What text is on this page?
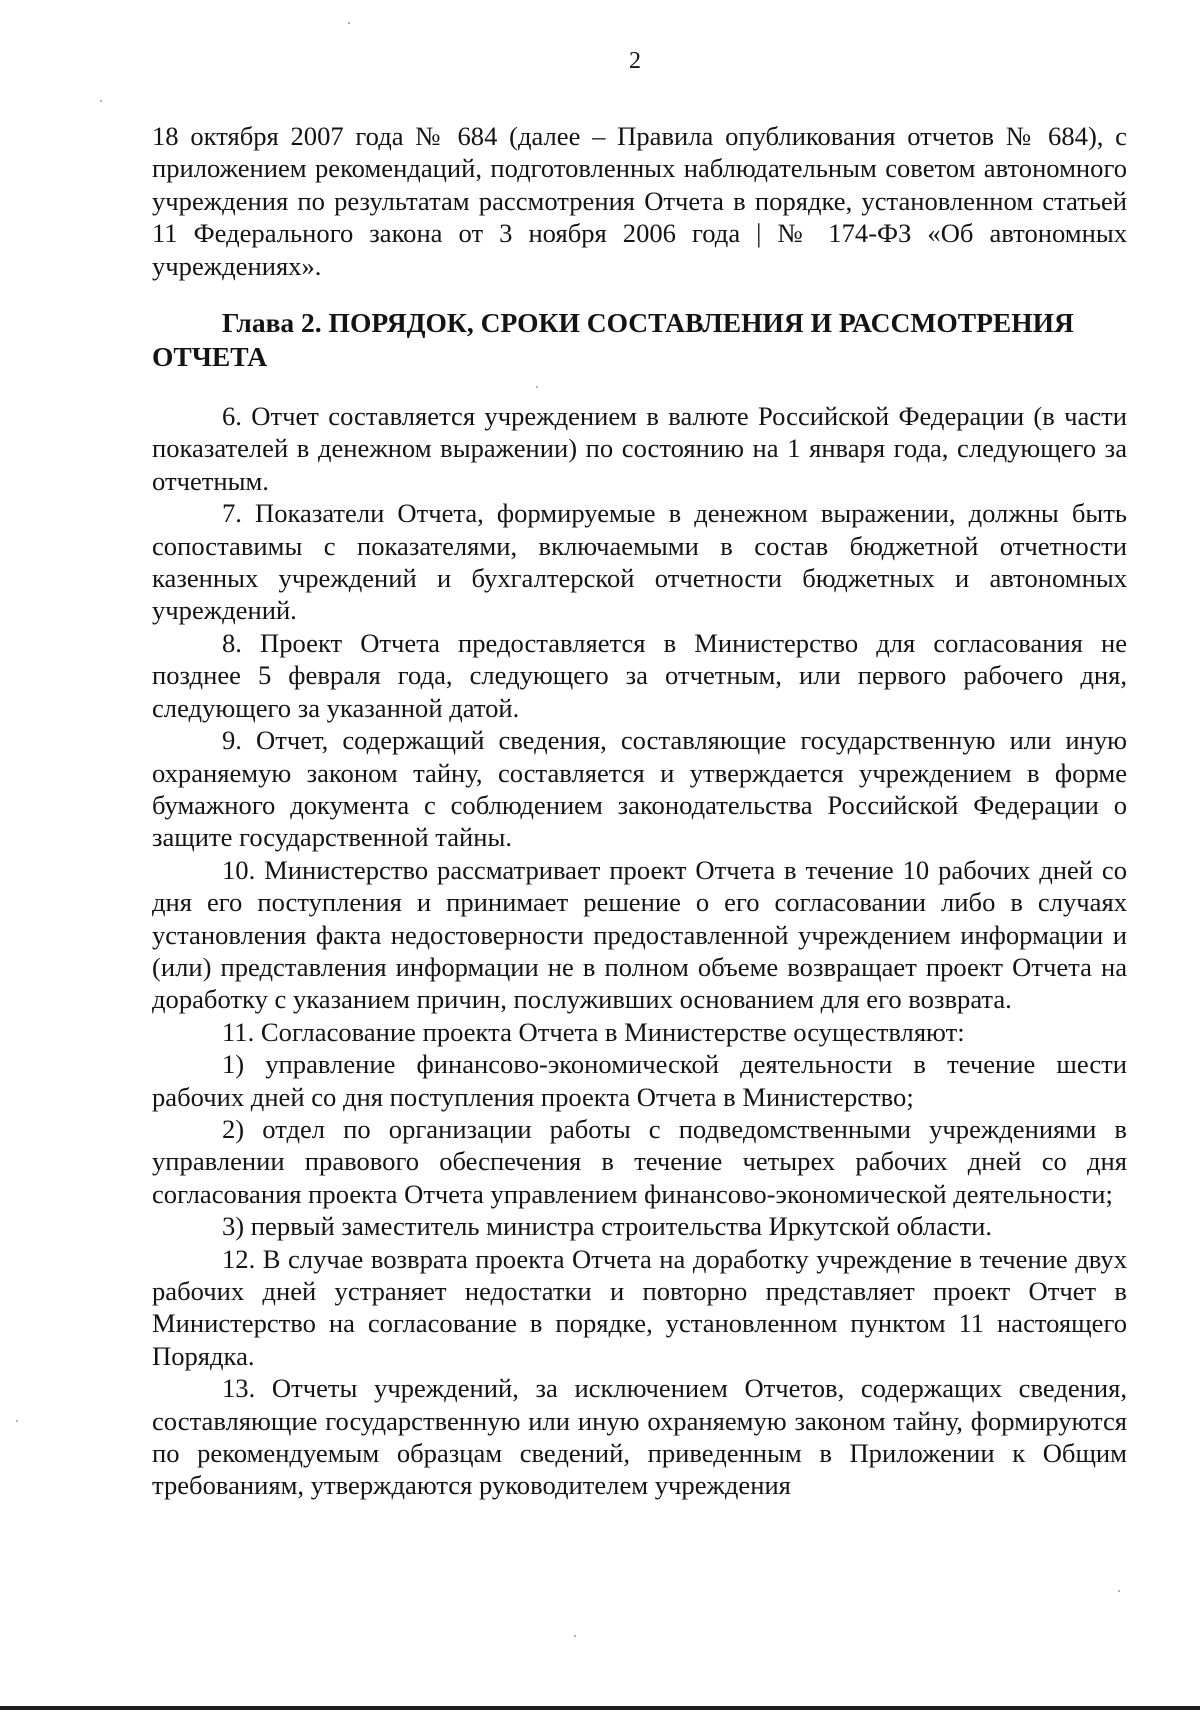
2

18 октября 2007 года № 684 (далее – Правила опубликования отчетов № 684), с приложением рекомендаций, подготовленных наблюдательным советом автономного учреждения по результатам рассмотрения Отчета в порядке, установленном статьей 11 Федерального закона от 3 ноября 2006 года | № 174-ФЗ «Об автономных учреждениях».

Глава 2. ПОРЯДОК, СРОКИ СОСТАВЛЕНИЯ И РАССМОТРЕНИЯ ОТЧЕТА

6. Отчет составляется учреждением в валюте Российской Федерации (в части показателей в денежном выражении) по состоянию на 1 января года, следующего за отчетным.

7. Показатели Отчета, формируемые в денежном выражении, должны быть сопоставимы с показателями, включаемыми в состав бюджетной отчетности казенных учреждений и бухгалтерской отчетности бюджетных и автономных учреждений.

8. Проект Отчета предоставляется в Министерство для согласования не позднее 5 февраля года, следующего за отчетным, или первого рабочего дня, следующего за указанной датой.

9. Отчет, содержащий сведения, составляющие государственную или иную охраняемую законом тайну, составляется и утверждается учреждением в форме бумажного документа с соблюдением законодательства Российской Федерации о защите государственной тайны.

10. Министерство рассматривает проект Отчета в течение 10 рабочих дней со дня его поступления и принимает решение о его согласовании либо в случаях установления факта недостоверности предоставленной учреждением информации и (или) представления информации не в полном объеме возвращает проект Отчета на доработку с указанием причин, послуживших основанием для его возврата.

11. Согласование проекта Отчета в Министерстве осуществляют:

1) управление финансово-экономической деятельности в течение шести рабочих дней со дня поступления проекта Отчета в Министерство;

2) отдел по организации работы с подведомственными учреждениями в управлении правового обеспечения в течение четырех рабочих дней со дня согласования проекта Отчета управлением финансово-экономической деятельности;

3) первый заместитель министра строительства Иркутской области.

12. В случае возврата проекта Отчета на доработку учреждение в течение двух рабочих дней устраняет недостатки и повторно представляет проект Отчет в Министерство на согласование в порядке, установленном пунктом 11 настоящего Порядка.

13. Отчеты учреждений, за исключением Отчетов, содержащих сведения, составляющие государственную или иную охраняемую законом тайну, формируются по рекомендуемым образцам сведений, приведенным в Приложении к Общим требованиям, утверждаются руководителем учреждения
